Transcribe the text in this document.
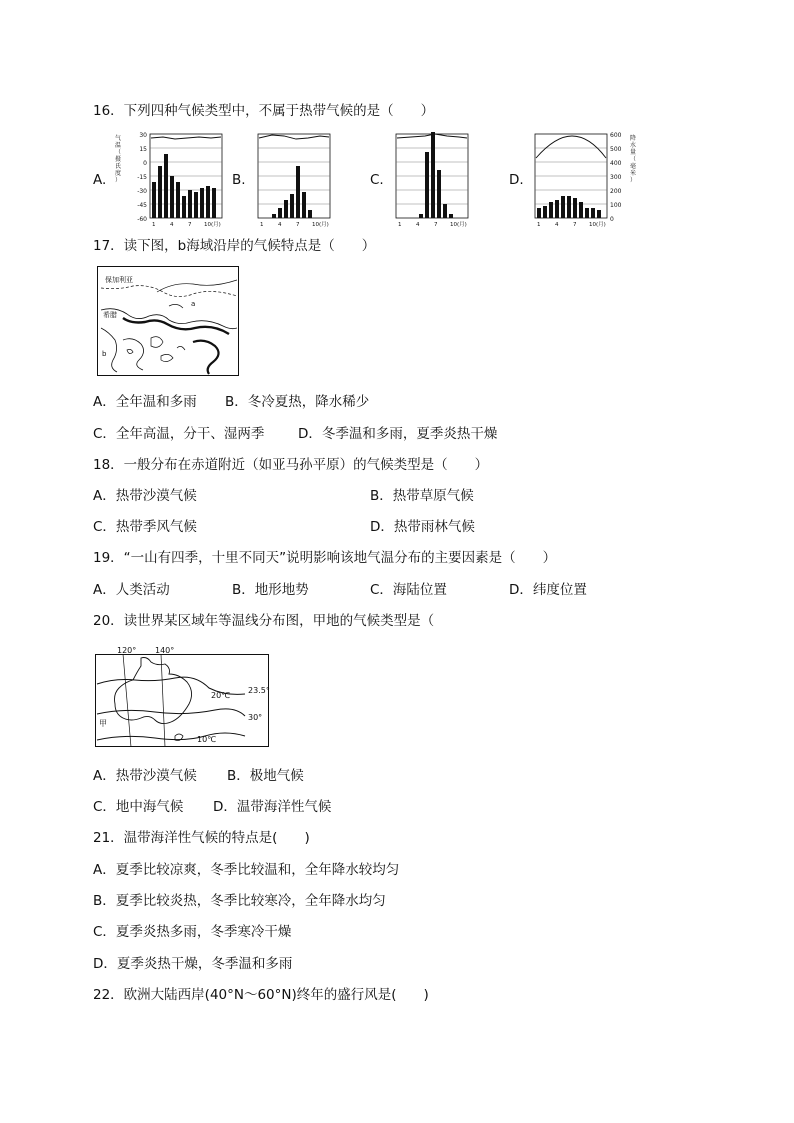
16．下列四种气候类型中，不属于热带气候的是（　　）
A.	B.	C.	D.
气
温
（
摄
氏
度
）
30
15
0
-15
-30
-45
-60
1	4	7 10(月)	1	4	7 10(月)	1	4	7 10(月)	1	4	7 10(月)
600
500
400
300
200
100
0
降
水
量
（
毫
米
）
17．读下图，b海域沿岸的气候特点是（　　）
保加利亚
希腊
a
b
A．全年温和多雨 B．冬冷夏热，降水稀少
C．全年高温，分干、湿两季 D．冬季温和多雨，夏季炎热干燥
18．一般分布在赤道附近（如亚马孙平原）的气候类型是（　　）
A．热带沙漠气候	B．热带草原气候
C．热带季风气候	D．热带雨林气候
19．“一山有四季，十里不同天”说明影响该地气温分布的主要因素是（　　）
A．人类活动	B．地形地势	C．海陆位置	D．纬度位置
20．读世界某区域年等温线分布图，甲地的气候类型是（
120° 140°
23.5°
30°
20℃
10℃
甲
A．热带沙漠气候 B．极地气候
C．地中海气候 D．温带海洋性气候
21．温带海洋性气候的特点是(　　)
A．夏季比较凉爽，冬季比较温和，全年降水较均匀
B．夏季比较炎热，冬季比较寒冷，全年降水均匀
C．夏季炎热多雨，冬季寒冷干燥
D．夏季炎热干燥，冬季温和多雨
22．欧洲大陆西岸(40°N～60°N)终年的盛行风是(　　)
